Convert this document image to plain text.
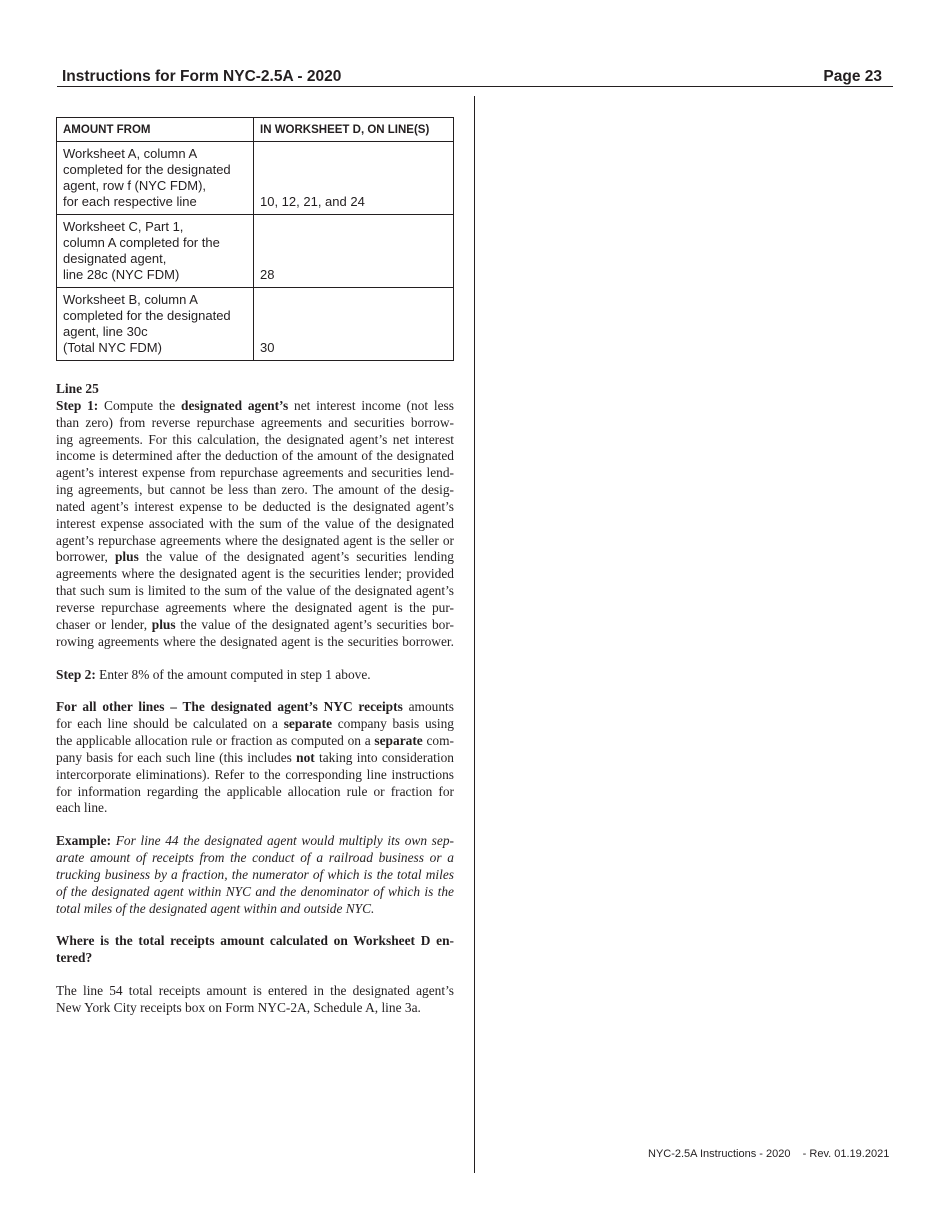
Instructions for Form NYC-2.5A - 2020	Page 23
AMOUNT FROM	IN WORKSHEET D, ON LINE(S)

Worksheet A, column A
completed for the designated
agent, row f (NYC FDM),
for each respective line	10, 12, 21, and 24

Worksheet C, Part 1,
column A completed for the
designated agent,
line 28c (NYC FDM)	28

Worksheet B, column A
completed for the designated
agent, line 30c
(Total NYC FDM)	30

Line 25

Step 1: Compute the designated agent’s net interest income (not less
than zero) from reverse repurchase agreements and securities borrow-
ing agreements. For this calculation, the designated agent’s net interest
income is determined after the deduction of the amount of the designated
agent’s interest expense from repurchase agreements and securities lend-
ing agreements, but cannot be less than zero. The amount of the desig-
nated agent’s interest expense to be deducted is the designated agent’s
interest expense associated with the sum of the value of the designated
agent’s repurchase agreements where the designated agent is the seller or
borrower, plus the value of the designated agent’s securities lending
agreements where the designated agent is the securities lender; provided
that such sum is limited to the sum of the value of the designated agent’s
reverse repurchase agreements where the designated agent is the pur-
chaser or lender, plus the value of the designated agent’s securities bor-
rowing agreements where the designated agent is the securities borrower.

Step 2: Enter 8% of the amount computed in step 1 above.

For all other lines – The designated agent’s NYC receipts amounts
for each line should be calculated on a separate company basis using
the applicable allocation rule or fraction as computed on a separate com-
pany basis for each such line (this includes not taking into consideration
intercorporate eliminations). Refer to the corresponding line instructions
for information regarding the applicable allocation rule or fraction for
each line.
Example: For line 44 the designated agent would multiply its own sep-
arate amount of receipts from the conduct of a railroad business or a
trucking business by a fraction, the numerator of which is the total miles
of the designated agent within NYC and the denominator of which is the
total miles of the designated agent within and outside NYC.
Where is the total receipts amount calculated on Worksheet D en-
tered?
The line 54 total receipts amount is entered in the designated agent’s
New York City receipts box on Form NYC-2A, Schedule A, line 3a.
NYC-2.5A Instructions - 2020    - Rev. 01.19.2021
